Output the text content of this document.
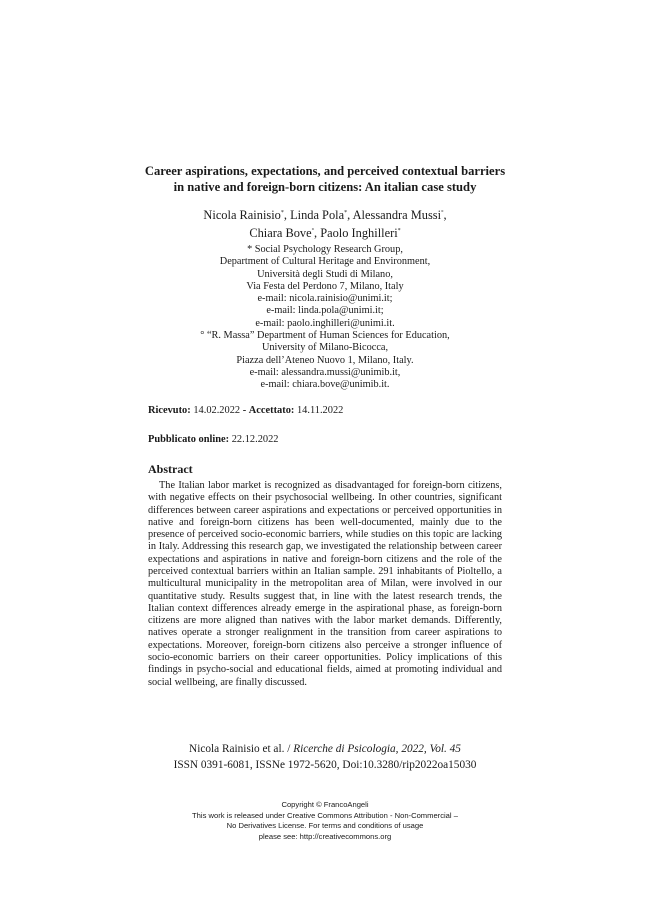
Career aspirations, expectations, and perceived contextual barriers
in native and foreign-born citizens: An italian case study
Nicola Rainisio*, Linda Pola*, Alessandra Mussi°,
Chiara Bove°, Paolo Inghilleri*
* Social Psychology Research Group,
Department of Cultural Heritage and Environment,
Università degli Studi di Milano,
Via Festa del Perdono 7, Milano, Italy
e-mail: nicola.rainisio@unimi.it;
e-mail: linda.pola@unimi.it;
e-mail: paolo.inghilleri@unimi.it.
° “R. Massa” Department of Human Sciences for Education,
University of Milano-Bicocca,
Piazza dell’Ateneo Nuovo 1, Milano, Italy.
e-mail: alessandra.mussi@unimib.it,
e-mail: chiara.bove@unimib.it.
Ricevuto: 14.02.2022 - Accettato: 14.11.2022
Pubblicato online: 22.12.2022
Abstract

The Italian labor market is recognized as disadvantaged for foreign-born citizens, with negative effects on their psychosocial wellbeing. In other countries, significant differences between career aspirations and expectations or perceived opportunities in native and foreign-born citizens has been well-documented, mainly due to the presence of perceived socio-economic barriers, while studies on this topic are lacking in Italy. Addressing this research gap, we investigated the relationship between career expectations and aspirations in native and foreign-born citizens and the role of the perceived contextual barriers within an Italian sample. 291 inhabitants of Pioltello, a multicultural municipality in the metropolitan area of Milan, were involved in our quantitative study. Results suggest that, in line with the latest research trends, the Italian context differences already emerge in the aspirational phase, as foreign-born citizens are more aligned than natives with the labor market demands. Differently, natives operate a stronger realignment in the transition from career aspirations to expectations. Moreover, foreign-born citizens also perceive a stronger influence of socio-economic barriers on their career opportunities. Policy implications of this findings in psycho-social and educational fields, aimed at promoting individual and social wellbeing, are finally discussed.

Nicola Rainisio et al. / Ricerche di Psicologia, 2022, Vol. 45
ISSN 0391-6081, ISSNe 1972-5620, Doi:10.3280/rip2022oa15030
Copyright © FrancoAngeli
This work is released under Creative Commons Attribution - Non-Commercial –
No Derivatives License. For terms and conditions of usage
please see: http://creativecommons.org
